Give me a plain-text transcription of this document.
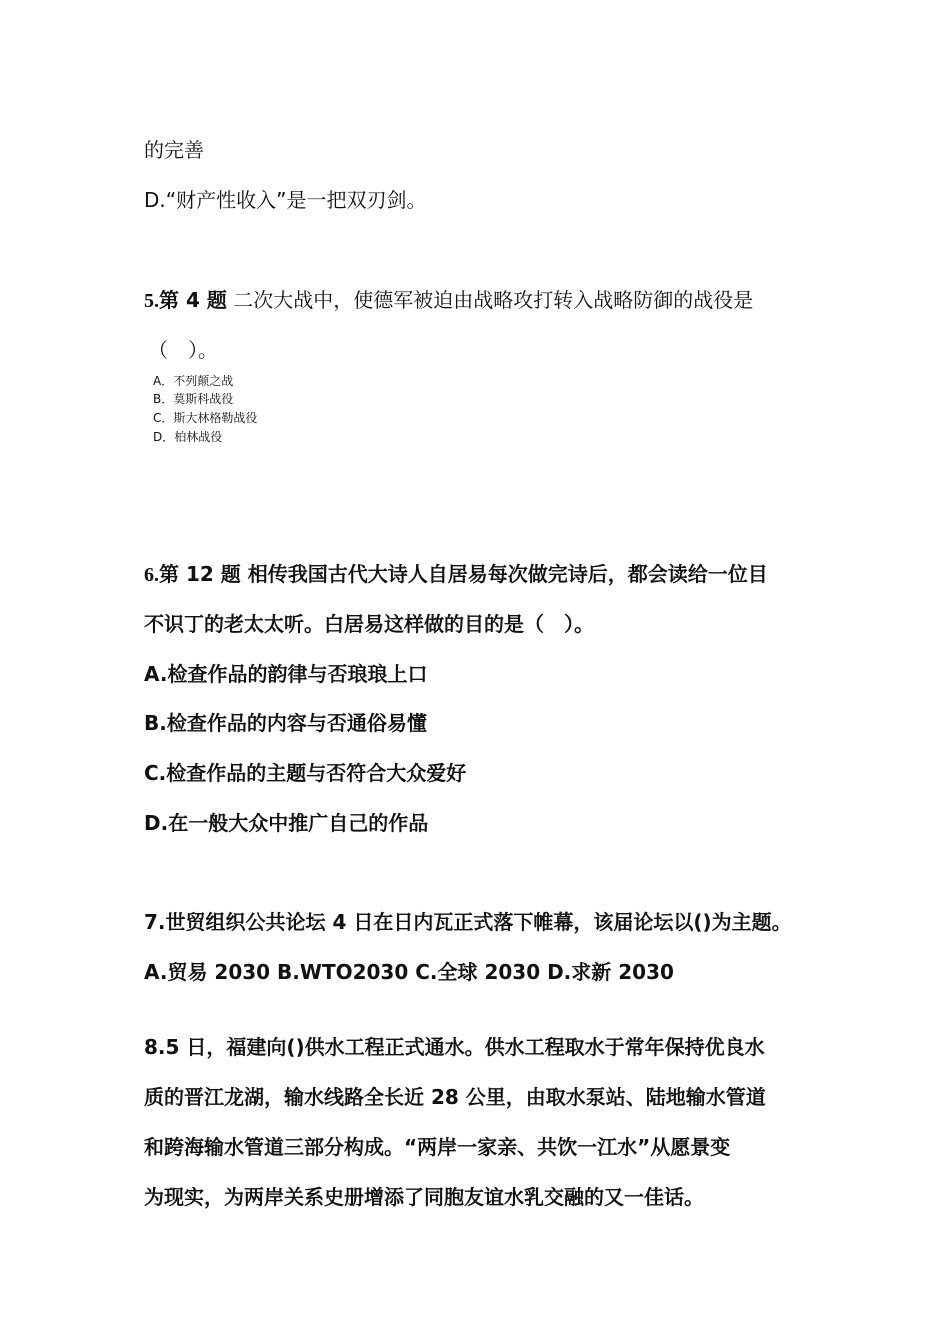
的完善
D.“财产性收入”是一把双刃剑。
5.第 4 题 二次大战中，使德军被迫由战略攻打转入战略防御的战役是
（　）。
A．不列颠之战
B．莫斯科战役
C．斯大林格勒战役
D．柏林战役
6.第 12 题 相传我国古代大诗人自居易每次做完诗后，都会读给一位目
不识丁的老太太听。白居易这样做的目的是（　）。
A.检查作品的韵律与否琅琅上口
B.检查作品的内容与否通俗易懂
C.检查作品的主题与否符合大众爱好
D.在一般大众中推广自己的作品
7.世贸组织公共论坛 4 日在日内瓦正式落下帷幕，该届论坛以()为主题。
A.贸易 2030 B.WTO2030 C.全球 2030 D.求新 2030
8.5 日，福建向()供水工程正式通水。供水工程取水于常年保持优良水
质的晋江龙湖，输水线路全长近 28 公里，由取水泵站、陆地输水管道
和跨海输水管道三部分构成。“两岸一家亲、共饮一江水”从愿景变
为现实，为两岸关系史册增添了同胞友谊水乳交融的又一佳话。
